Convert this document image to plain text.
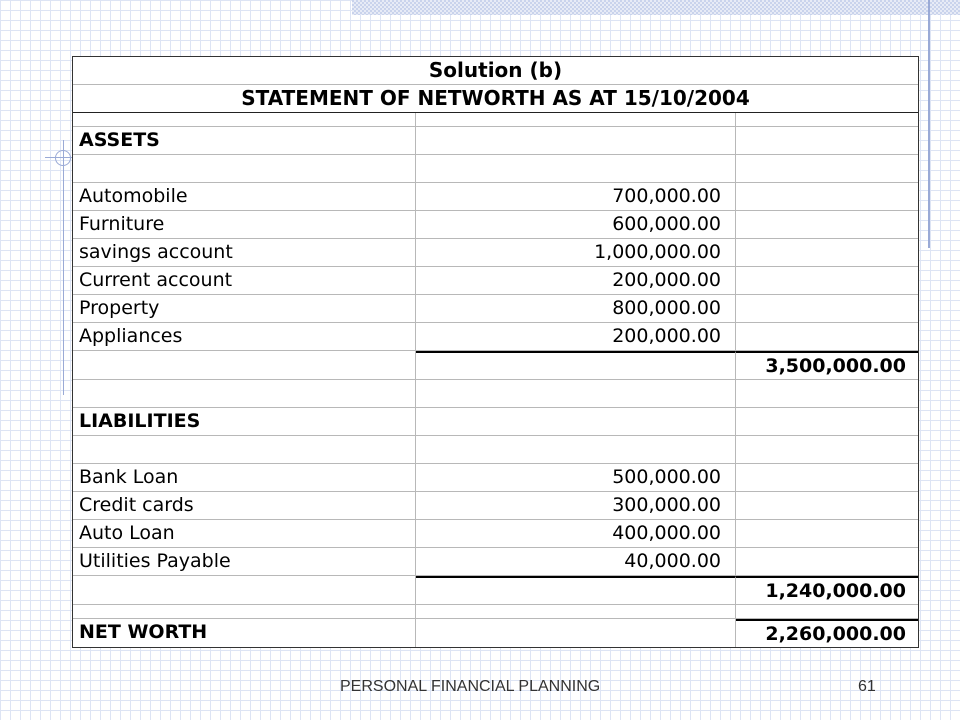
Solution (b)
STATEMENT OF NETWORTH AS AT 15/10/2004
ASSETS
Automobile	700,000.00
Furniture	600,000.00
savings account	1,000,000.00
Current account	200,000.00
Property	800,000.00
Appliances	200,000.00
3,500,000.00
LIABILITIES
Bank Loan	500,000.00
Credit cards	300,000.00
Auto Loan	400,000.00
Utilities Payable	40,000.00
1,240,000.00
NET WORTH	2,260,000.00
PERSONAL FINANCIAL PLANNING	61
